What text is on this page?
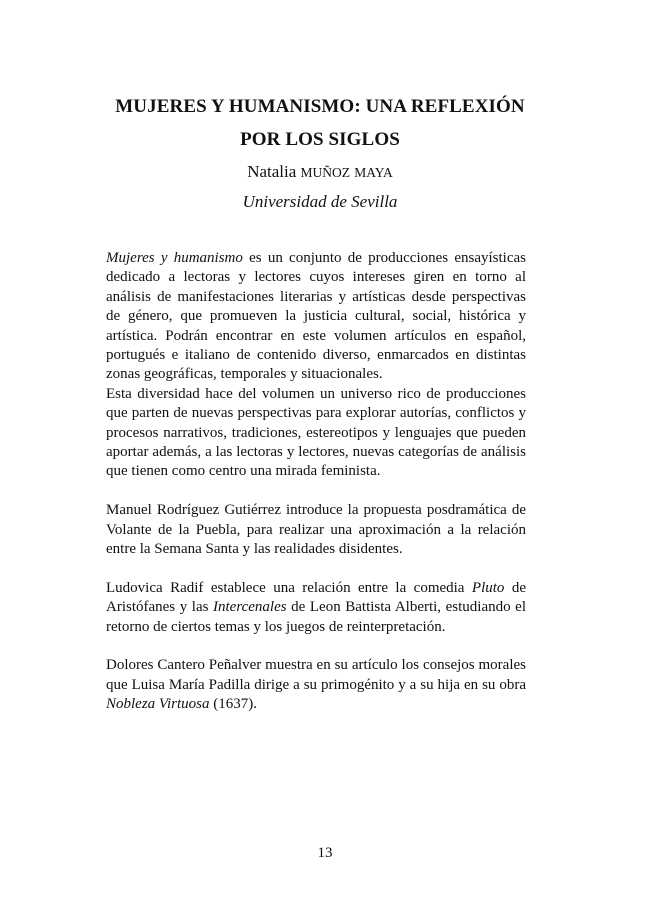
MUJERES Y HUMANISMO: UNA REFLEXIÓN
POR LOS SIGLOS
Natalia MUÑOZ MAYA
Universidad de Sevilla

Mujeres y humanismo es un conjunto de producciones ensayísticas dedicado a lectoras y lectores cuyos intereses giren en torno al análisis de manifestaciones literarias y artísticas desde perspectivas de género, que promueven la justicia cultural, social, histórica y artística. Podrán encontrar en este volumen artículos en español, portugués e italiano de contenido diverso, enmarcados en distintas zonas geográficas, temporales y situacionales.

Esta diversidad hace del volumen un universo rico de producciones que parten de nuevas perspectivas para explorar autorías, conflictos y procesos narrativos, tradiciones, estereotipos y lenguajes que pueden aportar además, a las lectoras y lectores, nuevas categorías de análisis que tienen como centro una mirada feminista.

Manuel Rodríguez Gutiérrez introduce la propuesta posdramática de Volante de la Puebla, para realizar una aproximación a la relación entre la Semana Santa y las realidades disidentes.

Ludovica Radif establece una relación entre la comedia Pluto de Aristófanes y las Intercenales de Leon Battista Alberti, estudiando el retorno de ciertos temas y los juegos de reinterpretación.

Dolores Cantero Peñalver muestra en su artículo los consejos morales que Luisa María Padilla dirige a su primogénito y a su hija en su obra Nobleza Virtuosa (1637).

13
